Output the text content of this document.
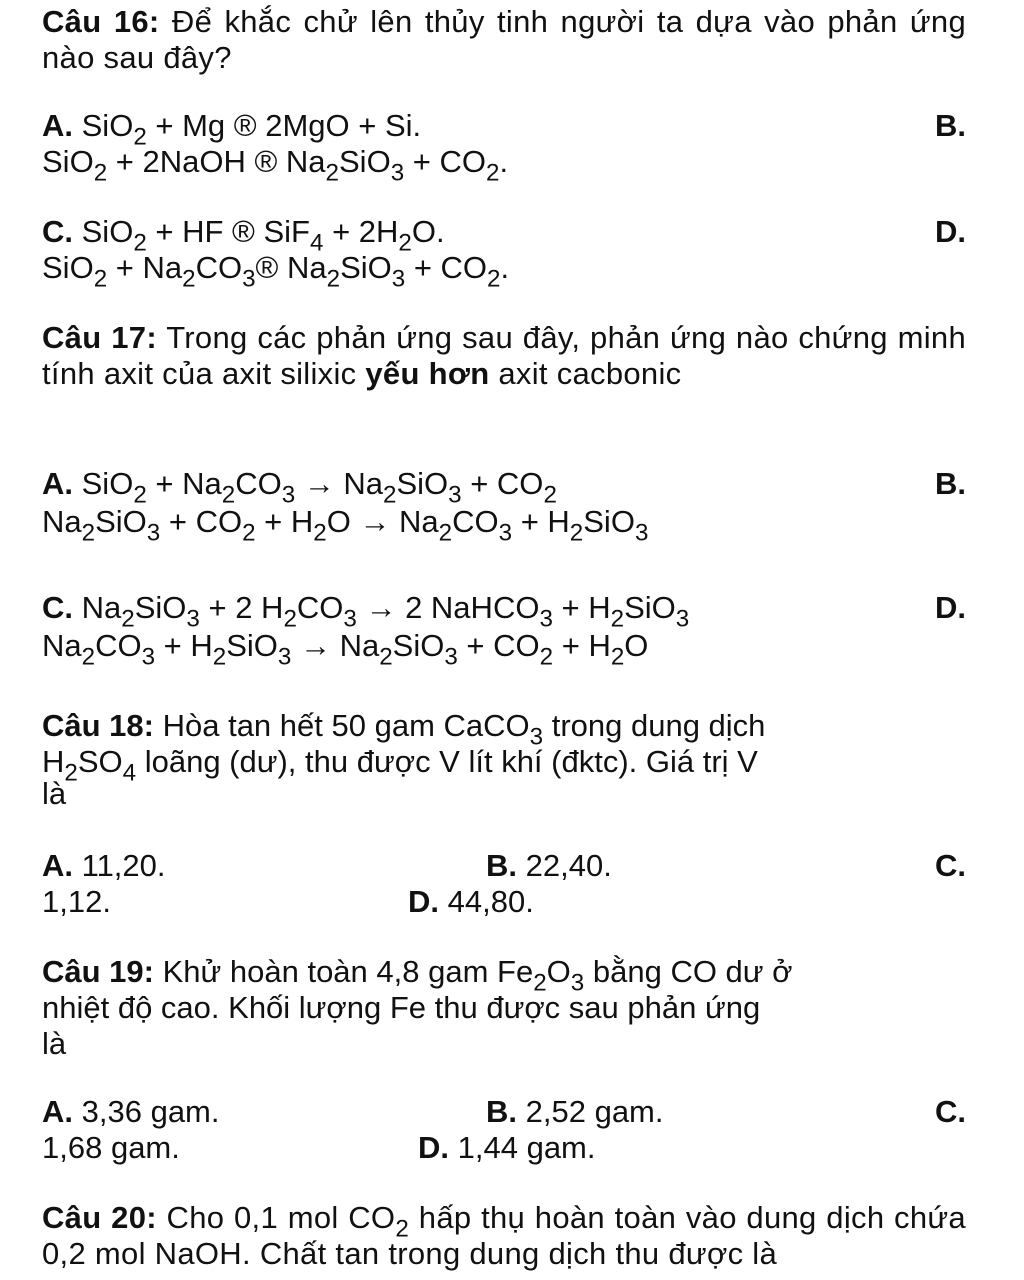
Câu 16: Để khắc chử lên thủy tinh người ta dựa vào phản ứng nào sau đây?
A. SiO$_2$ + Mg ® 2MgO + Si.	B.
SiO$_2$ + 2NaOH ® $Na_2SiO_3 + CO_2$.
C. SiO$_2$ + HF ® $SiF_4 + 2H_2O$.	D.
$SiO_2 + Na_2CO_3®$ $Na_2SiO_3 + CO_2$.
Câu 17: Trong các phản ứng sau đây, phản ứng nào chứng minh tính axit của axit silixic yếu hơn axit cacbonic
A. $SiO_2 + Na_2CO_3 \to Na_2SiO_3 + CO_2$	B.
$Na_2SiO_3 + CO_2 + H_2O \to Na_2CO_3 + H_2SiO_3$
C. $Na_2SiO_3 + 2$ $H_2CO_3 \to 2$ NaHCO$_3$ + $H_2SiO_3$	D.
$Na_2CO_3 + H_2SiO_3 \to Na_2SiO_3 + CO_2 + H_2O$
Câu 18: Hòa tan hết 50 gam CaCO$_3$ trong dung dịch
$H_2SO_4$ loãng (dư), thu được V lít khí (đktc). Giá trị V
là
A. 11,20.	B. 22,40.	C.
1,12.	D. 44,80.
Câu 19: Khử hoàn toàn 4,8 gam $Fe_2O_3$ bằng CO dư ở
nhiệt độ cao. Khối lượng Fe thu được sau phản ứng
là
A. 3,36 gam.	B. 2,52 gam.	C.
1,68 gam.	D. 1,44 gam.
Câu 20: Cho 0,1 mol $CO_2$ hấp thụ hoàn toàn vào dung dịch chứa 0,2 mol NaOH. Chất tan trong dung dịch thu được là
